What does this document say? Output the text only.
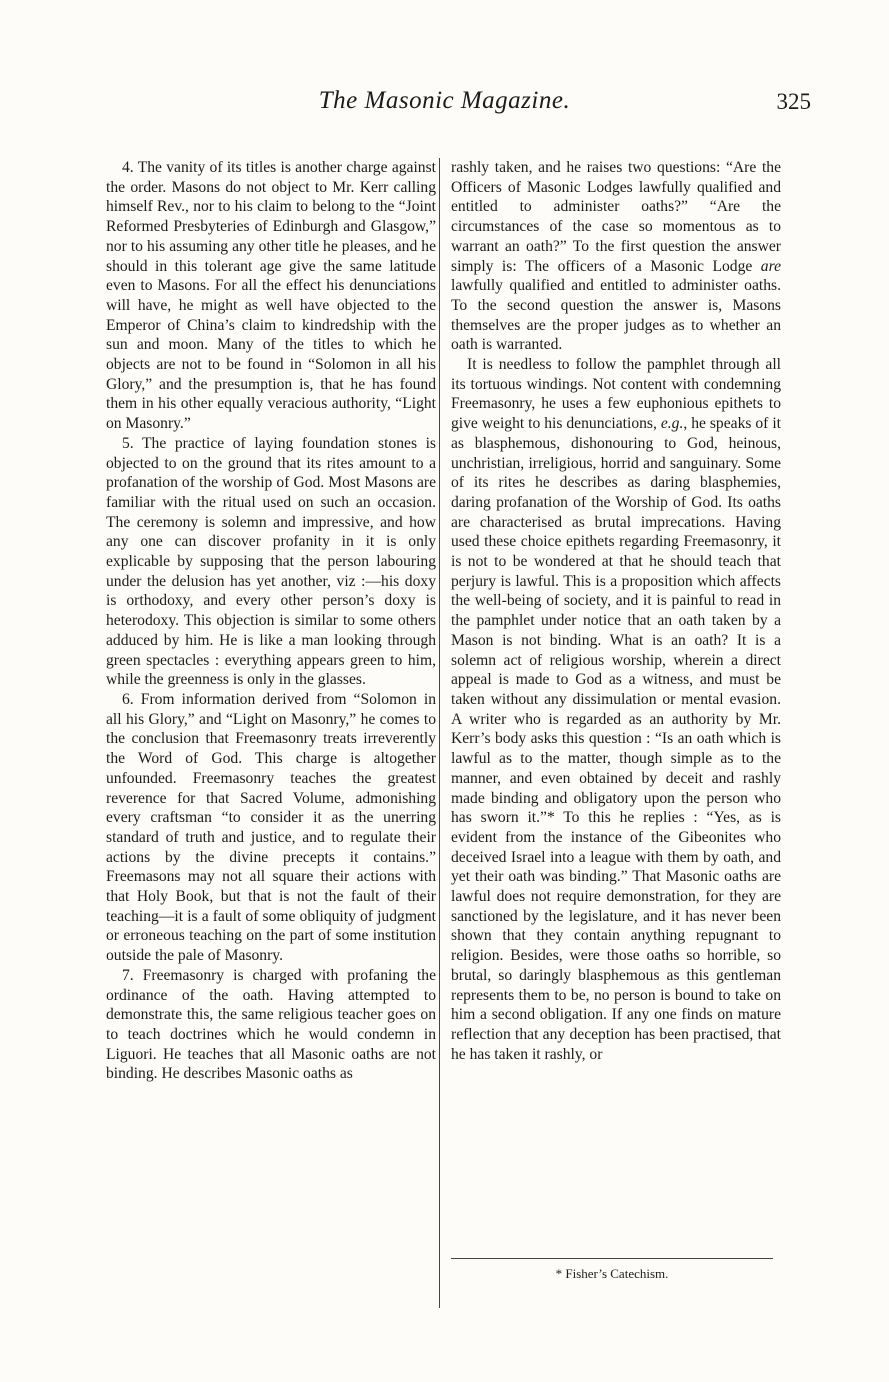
The Masonic Magazine.	325

4. The vanity of its titles is another charge against the order. Masons do not object to Mr. Kerr calling himself Rev., nor to his claim to belong to the “Joint Reformed Presbyteries of Edinburgh and Glasgow,” nor to his assuming any other title he pleases, and he should in this tolerant age give the same latitude even to Masons. For all the effect his denunciations will have, he might as well have objected to the Emperor of China’s claim to kindredship with the sun and moon. Many of the titles to which he objects are not to be found in “Solomon in all his Glory,” and the presumption is, that he has found them in his other equally veracious authority, “Light on Masonry.”

5. The practice of laying foundation stones is objected to on the ground that its rites amount to a profanation of the worship of God. Most Masons are familiar with the ritual used on such an occasion. The ceremony is solemn and impressive, and how any one can discover profanity in it is only explicable by supposing that the person labouring under the delusion has yet another, viz :—his doxy is orthodoxy, and every other person’s doxy is heterodoxy. This objection is similar to some others adduced by him. He is like a man looking through green spectacles : everything appears green to him, while the greenness is only in the glasses.

6. From information derived from “Solomon in all his Glory,” and “Light on Masonry,” he comes to the conclusion that Freemasonry treats irreverently the Word of God. This charge is altogether unfounded. Freemasonry teaches the greatest reverence for that Sacred Volume, admonishing every craftsman “to consider it as the unerring standard of truth and justice, and to regulate their actions by the divine precepts it contains.” Freemasons may not all square their actions with that Holy Book, but that is not the fault of their teaching—it is a fault of some obliquity of judgment or erroneous teaching on the part of some institution outside the pale of Masonry.

7. Freemasonry is charged with profaning the ordinance of the oath. Having attempted to demonstrate this, the same religious teacher goes on to teach doctrines which he would condemn in Liguori. He teaches that all Masonic oaths are not binding. He describes Masonic oaths as

rashly taken, and he raises two questions: “Are the Officers of Masonic Lodges lawfully qualified and entitled to administer oaths?” “Are the circumstances of the case so momentous as to warrant an oath?” To the first question the answer simply is: The officers of a Masonic Lodge are lawfully qualified and entitled to administer oaths. To the second question the answer is, Masons themselves are the proper judges as to whether an oath is warranted.

It is needless to follow the pamphlet through all its tortuous windings. Not content with condemning Freemasonry, he uses a few euphonious epithets to give weight to his denunciations, e.g., he speaks of it as blasphemous, dishonouring to God, heinous, unchristian, irreligious, horrid and sanguinary. Some of its rites he describes as daring blasphemies, daring profanation of the Worship of God. Its oaths are characterised as brutal imprecations. Having used these choice epithets regarding Freemasonry, it is not to be wondered at that he should teach that perjury is lawful. This is a proposition which affects the well-being of society, and it is painful to read in the pamphlet under notice that an oath taken by a Mason is not binding. What is an oath? It is a solemn act of religious worship, wherein a direct appeal is made to God as a witness, and must be taken without any dissimulation or mental evasion. A writer who is regarded as an authority by Mr. Kerr’s body asks this question : “Is an oath which is lawful as to the matter, though simple as to the manner, and even obtained by deceit and rashly made binding and obligatory upon the person who has sworn it.”* To this he replies : “Yes, as is evident from the instance of the Gibeonites who deceived Israel into a league with them by oath, and yet their oath was binding.” That Masonic oaths are lawful does not require demonstration, for they are sanctioned by the legislature, and it has never been shown that they contain anything repugnant to religion. Besides, were those oaths so horrible, so brutal, so daringly blasphemous as this gentleman represents them to be, no person is bound to take on him a second obligation. If any one finds on mature reflection that any deception has been practised, that he has taken it rashly, or

* Fisher’s Catechism.
